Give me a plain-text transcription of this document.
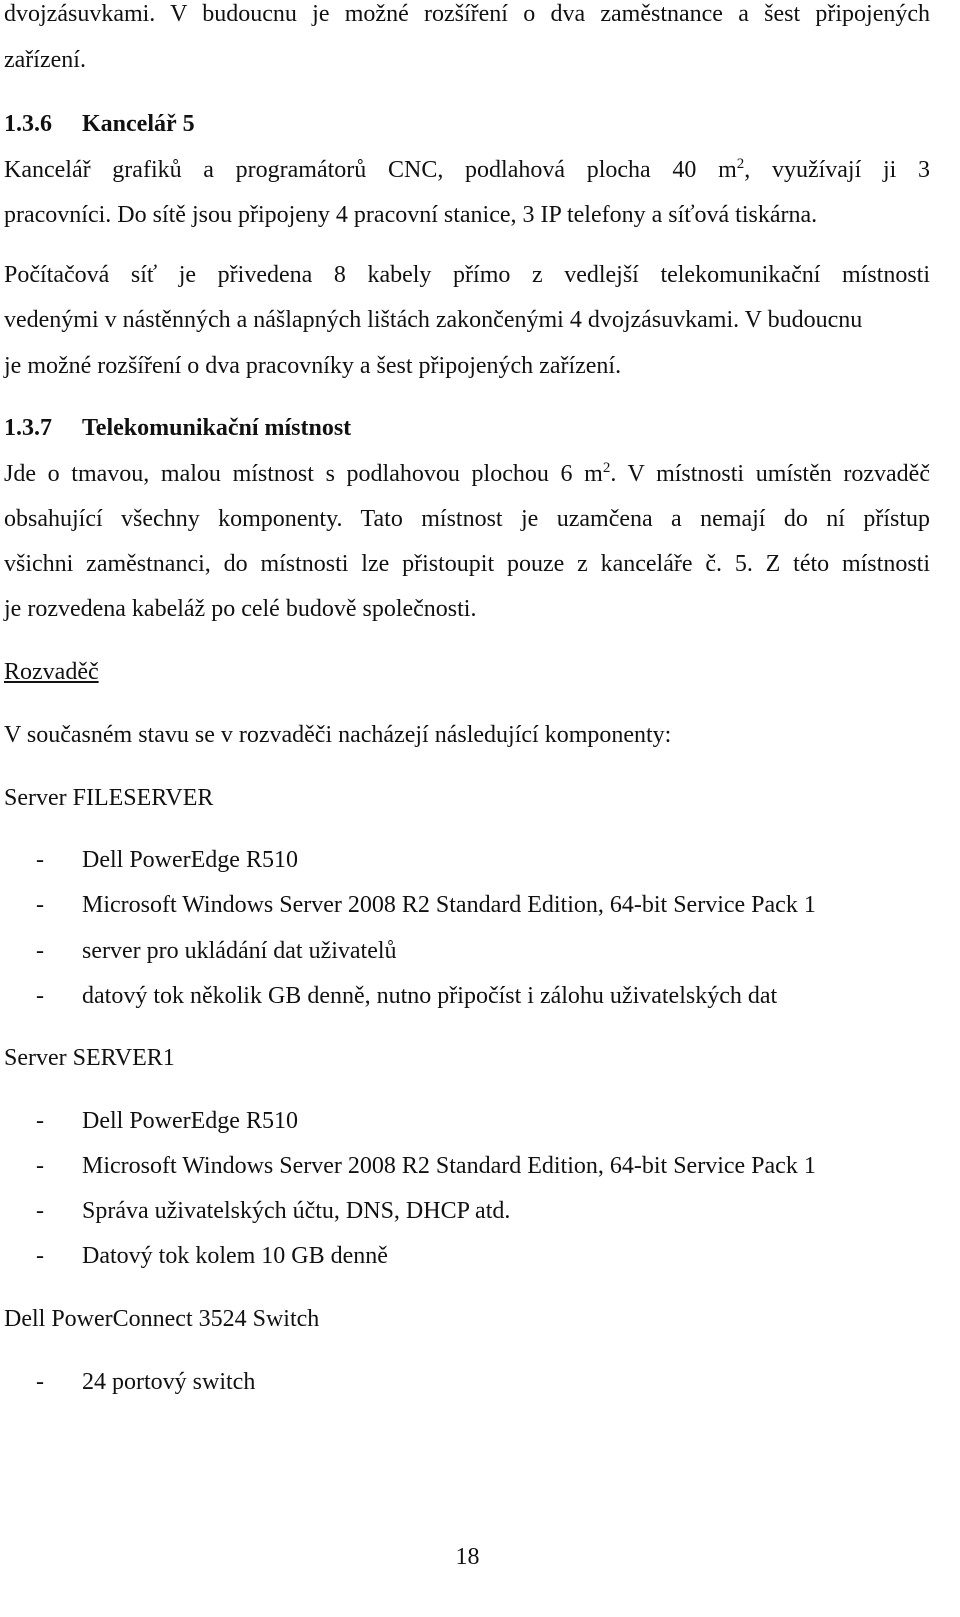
dvojzásuvkami. V budoucnu je možné rozšíření o dva zaměstnance a šest připojených
zařízení.
1.3.6 Kancelář 5
Kancelář grafiků a programátorů CNC, podlahová plocha 40 $m^2$, využívají ji 3
pracovníci. Do sítě jsou připojeny 4 pracovní stanice, 3 IP telefony a síťová tiskárna.
Počítačová síť je přivedena 8 kabely přímo z vedlejší telekomunikační místnosti
vedenými v nástěnných a nášlapných lištách zakončenými 4 dvojzásuvkami. V budoucnu
je možné rozšíření o dva pracovníky a šest připojených zařízení.
1.3.7 Telekomunikační místnost
Jde o tmavou, malou místnost s podlahovou plochou 6 $m^2$. V místnosti umístěn rozvaděč
obsahující všechny komponenty. Tato místnost je uzamčena a nemají do ní přístup
všichni zaměstnanci, do místnosti lze přistoupit pouze z kanceláře č. 5. Z této místnosti
je rozvedena kabeláž po celé budově společnosti.
Rozvaděč
V současném stavu se v rozvaděči nacházejí následující komponenty:
Server FILESERVER
- Dell PowerEdge R510
- Microsoft Windows Server 2008 R2 Standard Edition, 64-bit Service Pack 1
- server pro ukládání dat uživatelů
- datový tok několik GB denně, nutno připočíst i zálohu uživatelských dat
Server SERVER1
- Dell PowerEdge R510
- Microsoft Windows Server 2008 R2 Standard Edition, 64-bit Service Pack 1
- Správa uživatelských účtu, DNS, DHCP atd.
- Datový tok kolem 10 GB denně
Dell PowerConnect 3524 Switch
- 24 portový switch
18
